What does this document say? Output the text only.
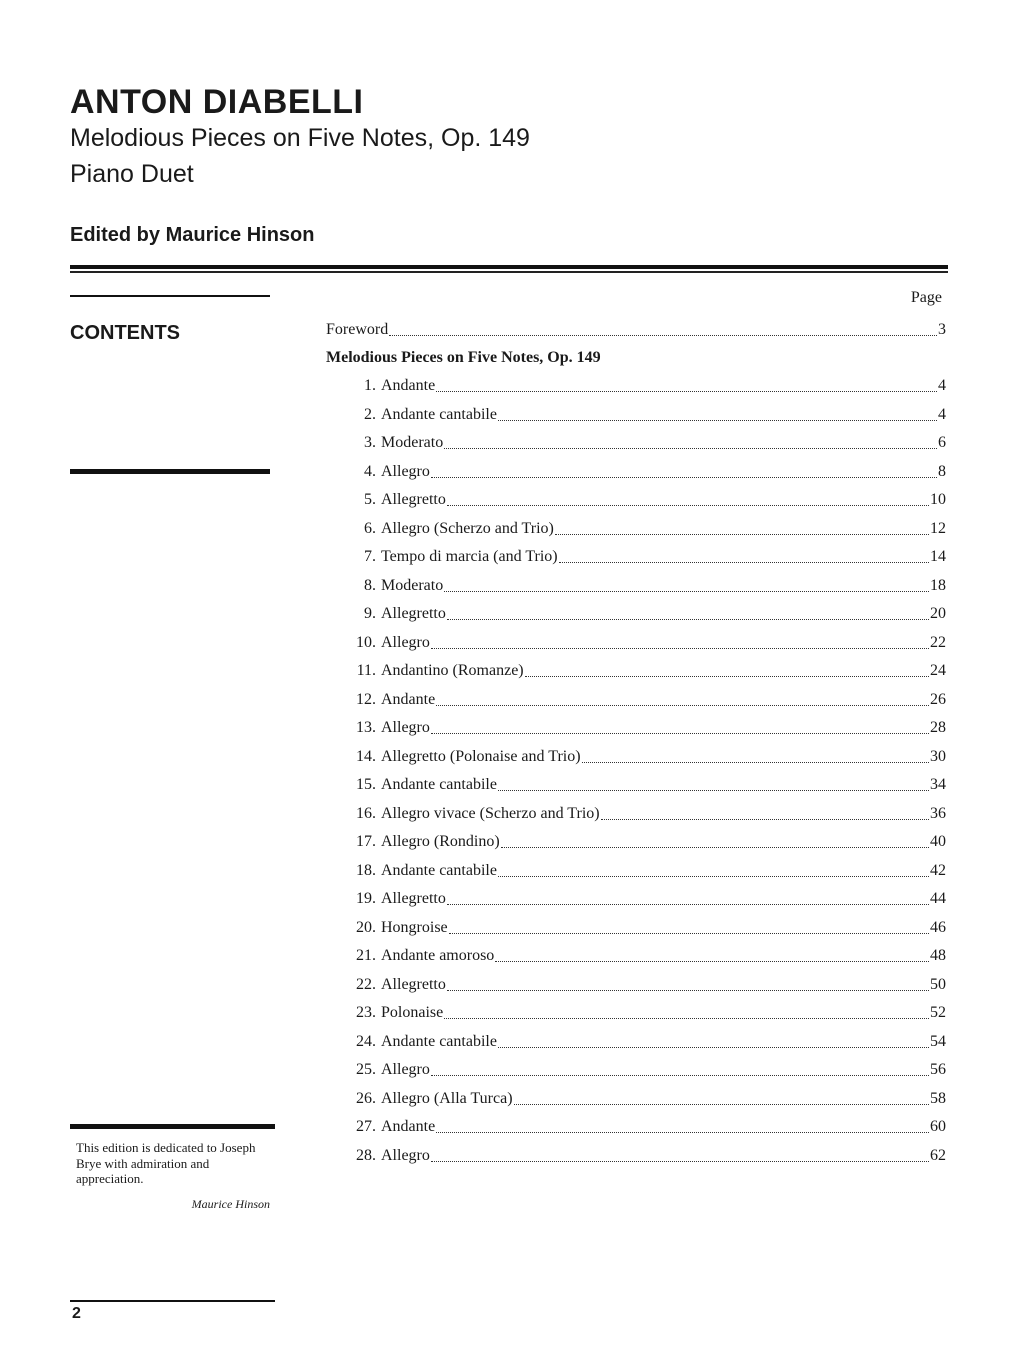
ANTON DIABELLI
Melodious Pieces on Five Notes, Op. 149
Piano Duet
Edited by Maurice Hinson
CONTENTS
This edition is dedicated to Joseph Brye with admiration and appreciation.
Maurice Hinson
2
Page
Foreword	3
Melodious Pieces on Five Notes, Op. 149
1. Andante	4
2. Andante cantabile	4
3. Moderato	6
4. Allegro	8
5. Allegretto	10
6. Allegro (Scherzo and Trio)	12
7. Tempo di marcia (and Trio)	14
8. Moderato	18
9. Allegretto	20
10. Allegro	22
11. Andantino (Romanze)	24
12. Andante	26
13. Allegro	28
14. Allegretto (Polonaise and Trio)	30
15. Andante cantabile	34
16. Allegro vivace (Scherzo and Trio)	36
17. Allegro (Rondino)	40
18. Andante cantabile	42
19. Allegretto	44
20. Hongroise	46
21. Andante amoroso	48
22. Allegretto	50
23. Polonaise	52
24. Andante cantabile	54
25. Allegro	56
26. Allegro (Alla Turca)	58
27. Andante	60
28. Allegro	62
